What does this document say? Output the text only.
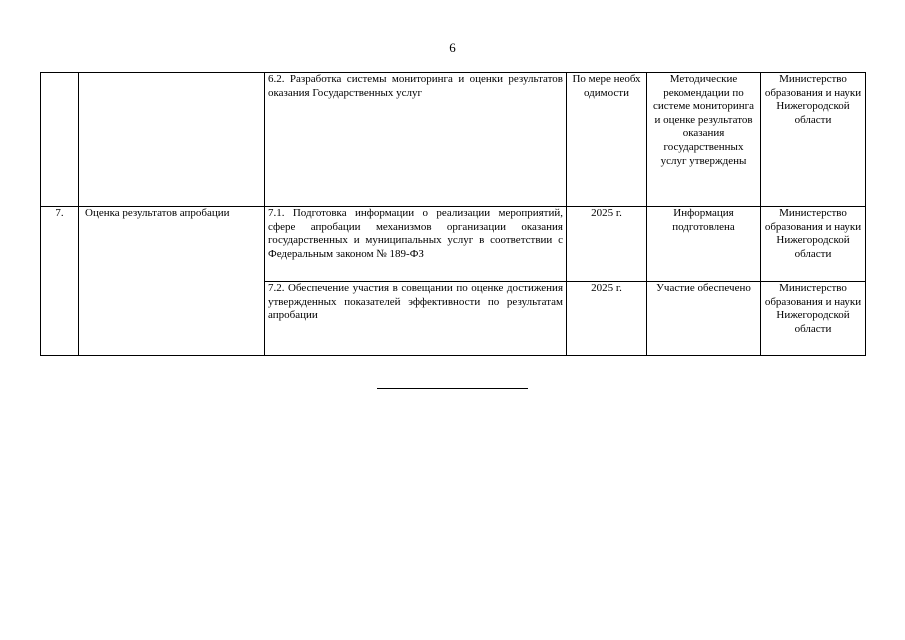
6
		6.2. Разработка системы мониторинга и оценки результатов оказания Государственных услуг	По мере необходимости	Методические рекомендации по системе мониторинга и оценке результатов оказания государственных услуг утверждены	Министерство образования и науки Нижегородской области
7.	Оценка результатов апробации	7.1. Подготовка информации о реализации мероприятий, сфере апробации механизмов организации оказания государственных и муниципальных услуг в соответствии с Федеральным законом № 189-ФЗ	2025 г.	Информация подготовлена	Министерство образования и науки Нижегородской области
		7.2. Обеспечение участия в совещании по оценке достижения утвержденных показателей эффективности по результатам апробации	2025 г.	Участие обеспечено	Министерство образования и науки Нижегородской области
